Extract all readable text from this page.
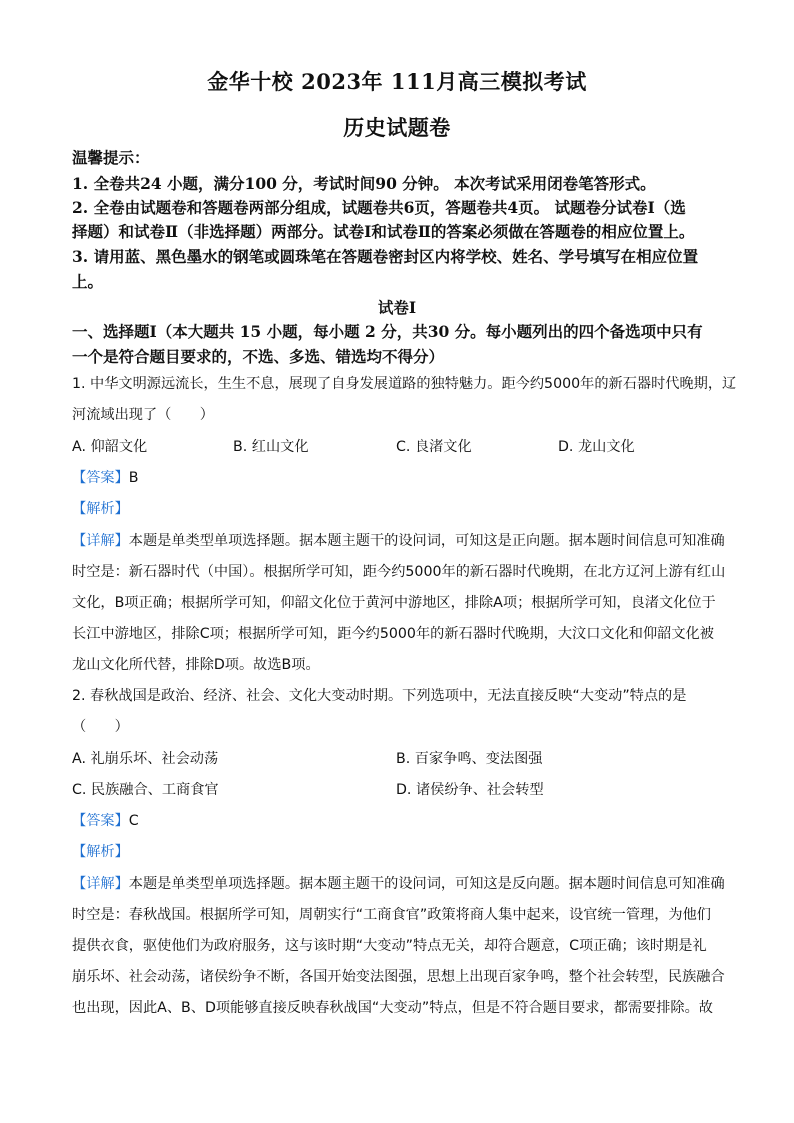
金华十校 2023年 111月高三模拟考试
历史试题卷
温馨提示：
1. 全卷共24 小题，满分100 分，考试时间90 分钟。 本次考试采用闭卷笔答形式。
2. 全卷由试题卷和答题卷两部分组成，试题卷共6页，答题卷共4页。 试题卷分试卷Ⅰ（选
择题）和试卷Ⅱ（非选择题）两部分。试卷Ⅰ和试卷Ⅱ的答案必须做在答题卷的相应位置上。
3. 请用蓝、黑色墨水的钢笔或圆珠笔在答题卷密封区内将学校、姓名、学号填写在相应位置
上。
试卷Ⅰ
一、选择题Ⅰ（本大题共 15 小题，每小题 2 分，共30 分。每小题列出的四个备选项中只有
一个是符合题目要求的，不选、多选、错选均不得分）
1. 中华文明源远流长，生生不息，展现了自身发展道路的独特魅力。距今约5000年的新石器时代晚期，辽
河流域出现了（　　）
A. 仰韶文化	B. 红山文化	C. 良渚文化	D. 龙山文化
【答案】B
【解析】
【详解】本题是单类型单项选择题。据本题主题干的设问词，可知这是正向题。据本题时间信息可知准确
时空是：新石器时代（中国）。根据所学可知，距今约5000年的新石器时代晚期，在北方辽河上游有红山
文化，B项正确；根据所学可知，仰韶文化位于黄河中游地区，排除A项；根据所学可知，良渚文化位于
长江中游地区，排除C项；根据所学可知，距今约5000年的新石器时代晚期，大汶口文化和仰韶文化被
龙山文化所代替，排除D项。故选B项。
2. 春秋战国是政治、经济、社会、文化大变动时期。下列选项中，无法直接反映“大变动”特点的是
（　　）
A. 礼崩乐坏、社会动荡	B. 百家争鸣、变法图强
C. 民族融合、工商食官	D. 诸侯纷争、社会转型
【答案】C
【解析】
【详解】本题是单类型单项选择题。据本题主题干的设问词，可知这是反向题。据本题时间信息可知准确
时空是：春秋战国。根据所学可知，周朝实行“工商食官”政策将商人集中起来，设官统一管理，为他们
提供衣食，驱使他们为政府服务，这与该时期“大变动”特点无关，却符合题意，C项正确；该时期是礼
崩乐坏、社会动荡，诸侯纷争不断，各国开始变法图强，思想上出现百家争鸣，整个社会转型，民族融合
也出现，因此A、B、D项能够直接反映春秋战国“大变动”特点，但是不符合题目要求，都需要排除。故
